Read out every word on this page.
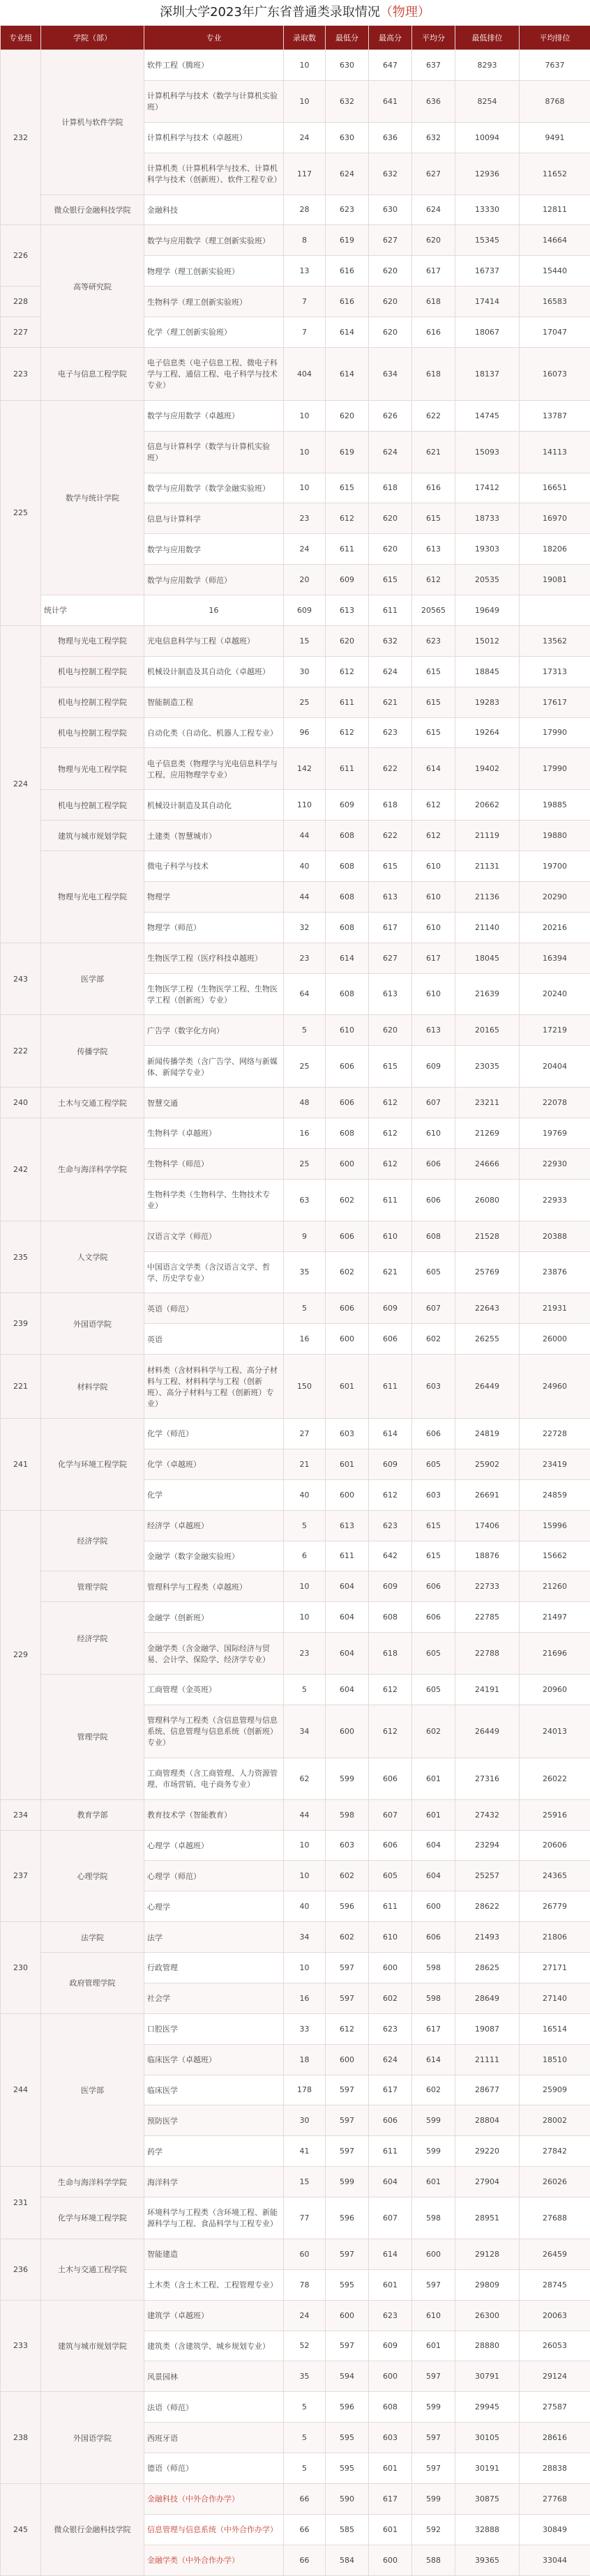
深圳大学2023年广东省普通类录取情况（物理）
专业组	学院（部）	专业	录取数	最低分	最高分	平均分	最低排位	平均排位
232	计算机与软件学院	软件工程（腾班）	10	630	647	637	8293	7637
		计算机科学与技术（数学与计算机实验班）	10	632	641	636	8254	8768
		计算机科学与技术（卓越班）	24	630	636	632	10094	9491
		计算机类（计算机科学与技术、计算机科学与技术（创新班）、软件工程专业）	117	624	632	627	12936	11652
	微众银行金融科技学院	金融科技	28	623	630	624	13330	12811
226	高等研究院	数学与应用数学（理工创新实验班）	8	619	627	620	15345	14664
		物理学（理工创新实验班）	13	616	620	617	16737	15440
228		生物科学（理工创新实验班）	7	616	620	618	17414	16583
227		化学（理工创新实验班）	7	614	620	616	18067	17047
223	电子与信息工程学院	电子信息类（电子信息工程、微电子科学与工程、通信工程、电子科学与技术专业）	404	614	634	618	18137	16073
225	数学与统计学院	数学与应用数学（卓越班）	10	620	626	622	14745	13787
		信息与计算科学（数学与计算机实验班）	10	619	624	621	15093	14113
		数学与应用数学（数学金融实验班）	10	615	618	616	17412	16651
		信息与计算科学	23	612	620	615	18733	16970
		数学与应用数学	24	611	620	613	19303	18206
		数学与应用数学（师范）	20	609	615	612	20535	19081
	统计学	16	609	613	611	20565	19649	
224	物理与光电工程学院	光电信息科学与工程（卓越班）	15	620	632	623	15012	13562
	机电与控制工程学院	机械设计制造及其自动化（卓越班）	30	612	624	615	18845	17313
	机电与控制工程学院	智能制造工程	25	611	621	615	19283	17617
	机电与控制工程学院	自动化类（自动化、机器人工程专业）	96	612	623	615	19264	17990
	物理与光电工程学院	电子信息类（物理学与光电信息科学与工程、应用物理学专业）	142	611	622	614	19402	17990
	机电与控制工程学院	机械设计制造及其自动化	110	609	618	612	20662	19885
	建筑与城市规划学院	土建类（智慧城市）	44	608	622	612	21119	19880
	物理与光电工程学院	微电子科学与技术	40	608	615	610	21131	19700
		物理学	44	608	613	610	21136	20290
		物理学（师范）	32	608	617	610	21140	20216
243	医学部	生物医学工程（医疗科技卓越班）	23	614	627	617	18045	16394
		生物医学工程（生物医学工程、生物医学工程（创新班）专业）	64	608	613	610	21639	20240
222	传播学院	广告学（数字化方向）	5	610	620	613	20165	17219
		新闻传播学类（含广告学、网络与新媒体、新闻学专业）	25	606	615	609	23035	20404
240	土木与交通工程学院	智慧交通	48	606	612	607	23211	22078
242	生命与海洋科学学院	生物科学（卓越班）	16	608	612	610	21269	19769
		生物科学（师范）	25	600	612	606	24666	22930
		生物科学类（生物科学、生物技术专业）	63	602	611	606	26080	22933
235	人文学院	汉语言文学（师范）	9	606	610	608	21528	20388
		中国语言文学类（含汉语言文学、哲学、历史学专业）	35	602	621	605	25769	23876
239	外国语学院	英语（师范）	5	606	609	607	22643	21931
		英语	16	600	606	602	26255	26000
221	材料学院	材料类（含材料科学与工程、高分子材料与工程、材料科学与工程（创新班）、高分子材料与工程（创新班）专业）	150	601	611	603	26449	24960
241	化学与环境工程学院	化学（师范）	27	603	614	606	24819	22728
		化学（卓越班）	21	601	609	605	25902	23419
		化学	40	600	612	603	26691	24859
229	经济学院	经济学（卓越班）	5	613	623	615	17406	15996
		金融学（数字金融实验班）	6	611	642	615	18876	15662
	管理学院	管理科学与工程类（卓越班）	10	604	609	606	22733	21260
	经济学院	金融学（创新班）	10	604	608	606	22785	21497
		金融学类（含金融学、国际经济与贸易、会计学、保险学、经济学专业）	23	604	618	605	22788	21696
	管理学院	工商管理（金英班）	5	604	612	605	24191	20960
		管理科学与工程类（含信息管理与信息系统、信息管理与信息系统（创新班）专业）	34	600	612	602	26449	24013
		工商管理类（含工商管理、人力资源管理、市场营销、电子商务专业）	62	599	606	601	27316	26022
234	教育学部	教育技术学（智能教育）	44	598	607	601	27432	25916
237	心理学院	心理学（卓越班）	10	603	606	604	23294	20606
		心理学（师范）	10	602	605	604	25257	24365
		心理学	40	596	611	600	28622	26779
230	法学院	法学	34	602	610	606	21493	21806
	政府管理学院	行政管理	10	597	600	598	28625	27171
		社会学	16	597	602	598	28649	27140
244	医学部	口腔医学	33	612	623	617	19087	16514
		临床医学（卓越班）	18	600	624	614	21111	18510
		临床医学	178	597	617	602	28677	25909
		预防医学	30	597	606	599	28804	28002
		药学	41	597	611	599	29220	27842
231	生命与海洋科学学院	海洋科学	15	599	604	601	27904	26026
	化学与环境工程学院	环境科学与工程类（含环境工程、新能源科学与工程、食品科学与工程专业）	77	596	607	598	28951	27688
236	土木与交通工程学院	智能建造	60	597	614	600	29128	26459
		土木类（含土木工程、工程管理专业）	78	595	601	597	29809	28745
233	建筑与城市规划学院	建筑学（卓越班）	24	600	623	610	26300	20063
		建筑类（含建筑学、城乡规划专业）	52	597	609	601	28880	26053
		风景园林	35	594	600	597	30791	29124
238	外国语学院	法语（师范）	5	596	608	599	29945	27587
		西班牙语	5	595	603	597	30105	28616
		德语（师范）	5	595	601	597	30191	28838
245	微众银行金融科技学院	金融科技（中外合作办学）	66	590	617	599	30875	27768
		信息管理与信息系统（中外合作办学）	66	585	601	592	32888	30849
		金融学类（中外合作办学）	66	584	600	588	39365	33044
